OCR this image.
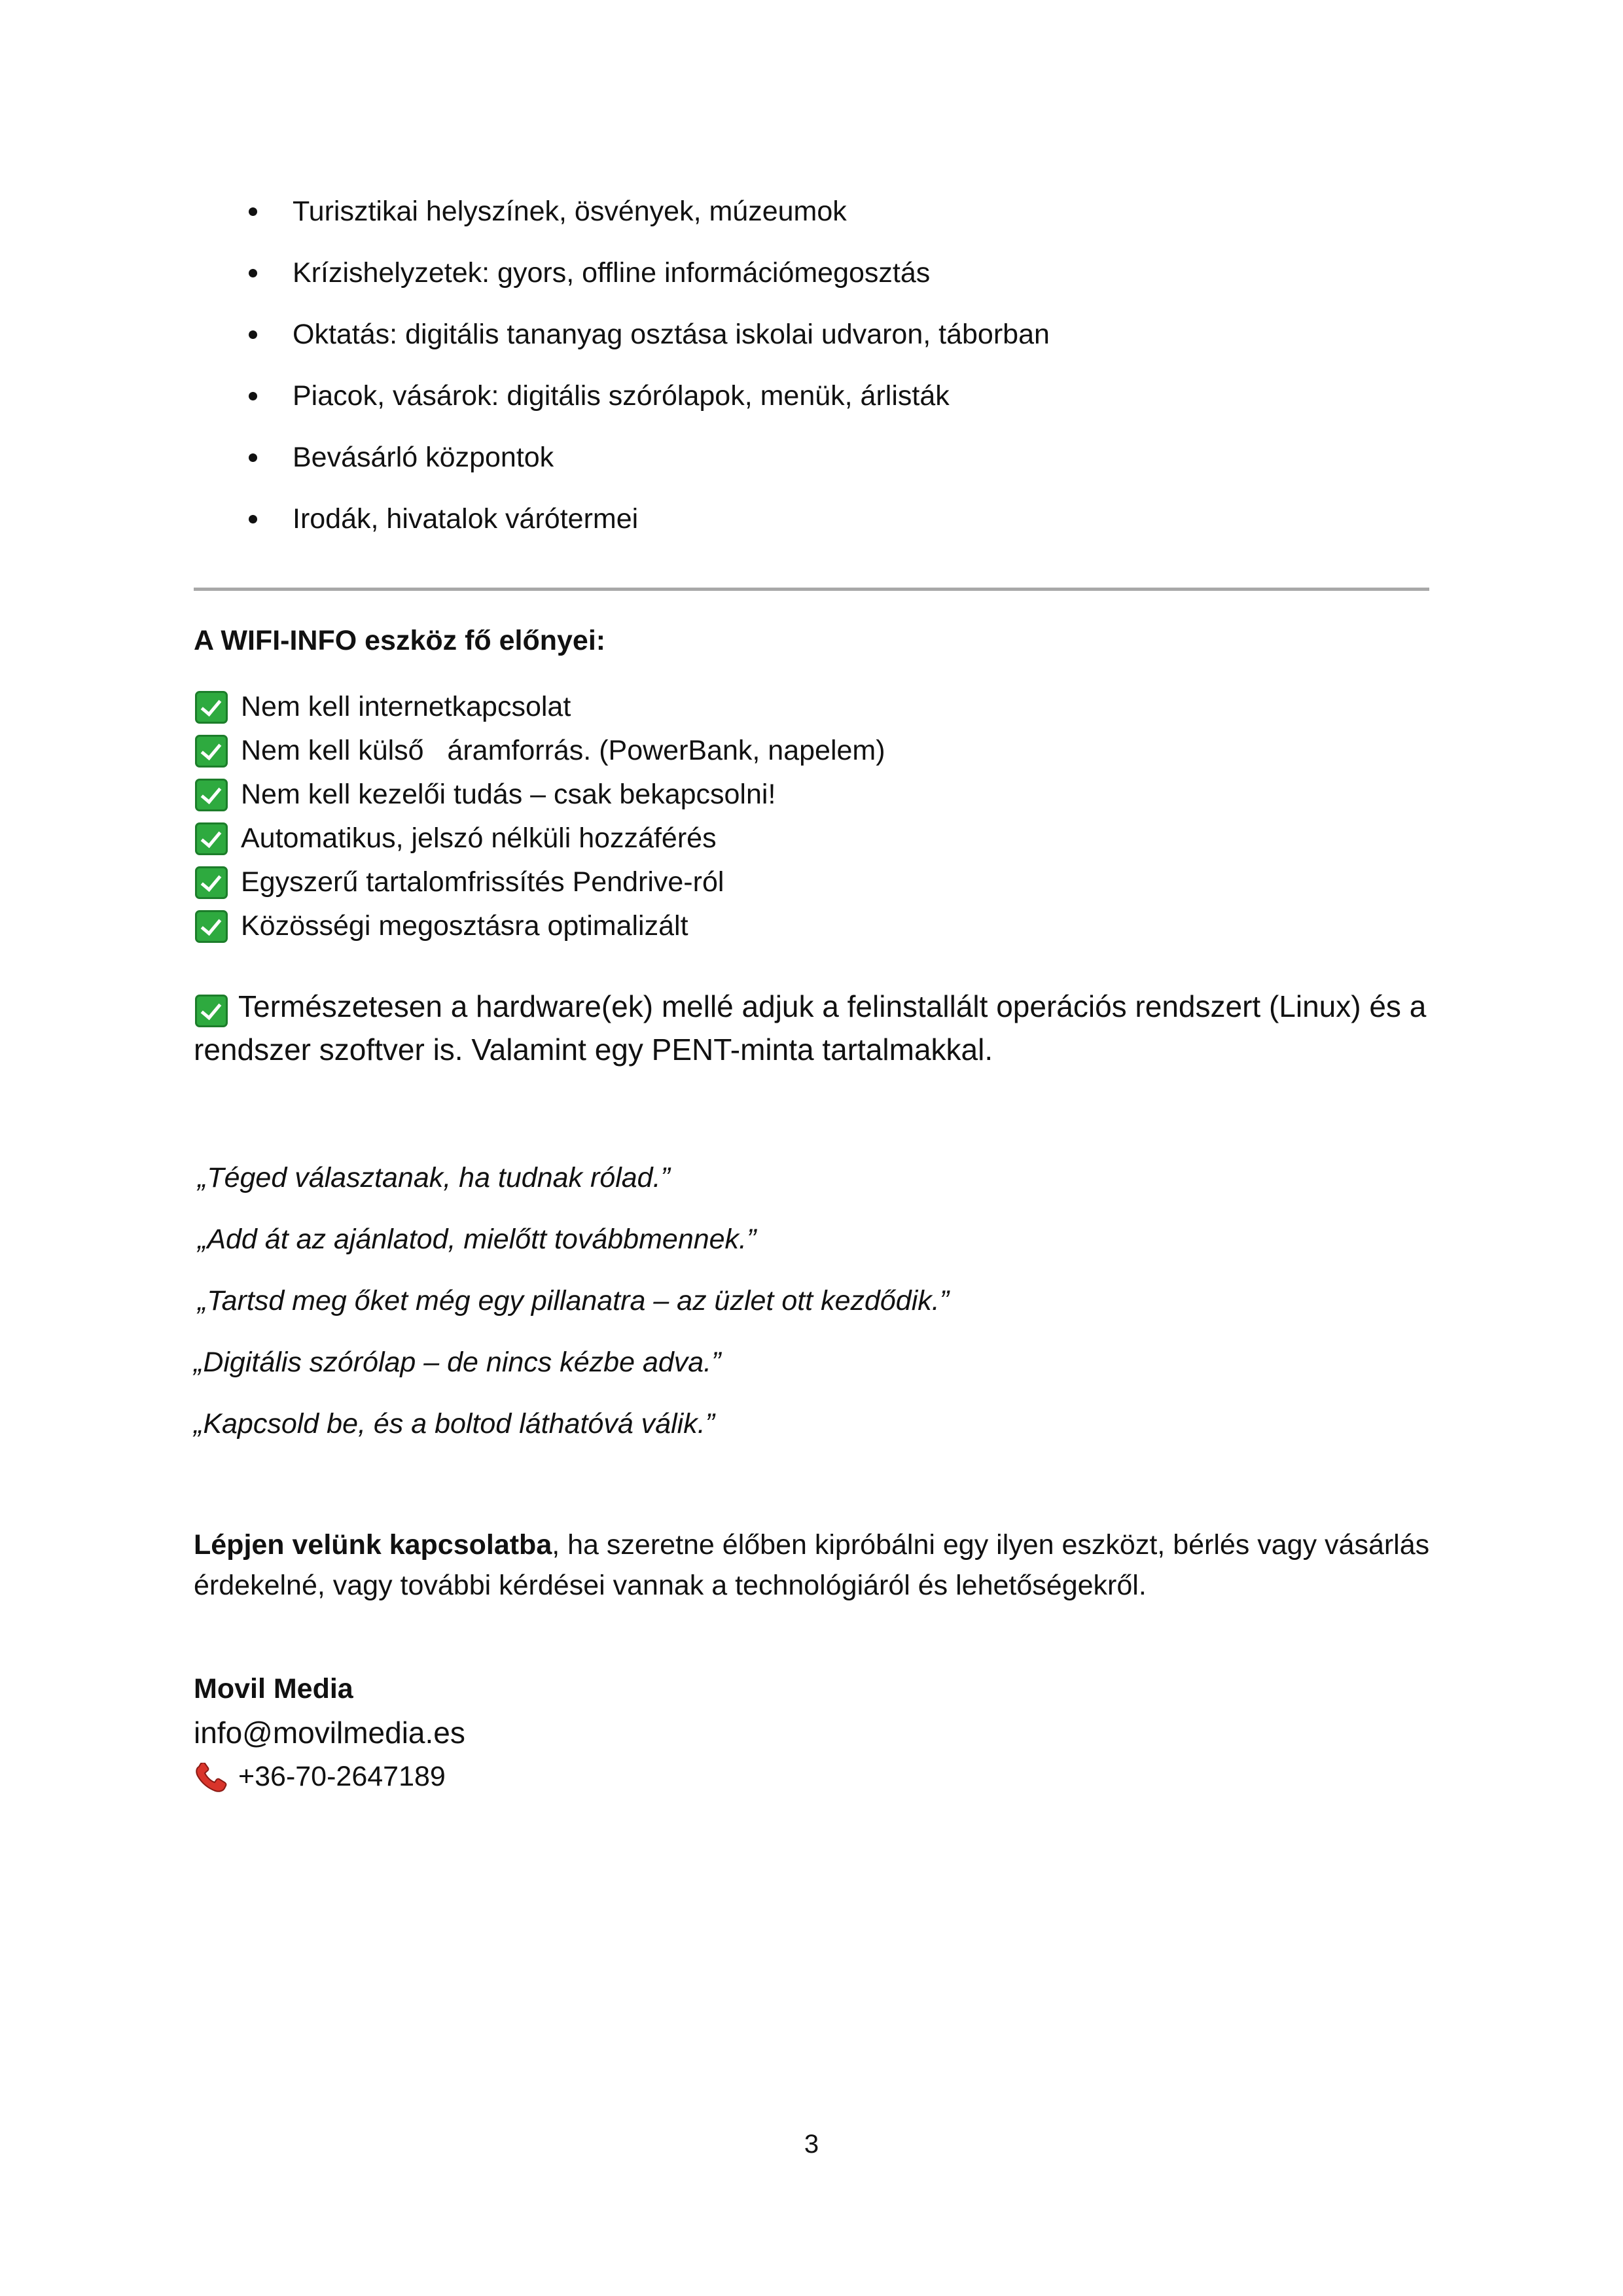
Turisztikai helyszínek, ösvények, múzeumok
Krízishelyzetek: gyors, offline információmegosztás
Oktatás: digitális tananyag osztása iskolai udvaron, táborban
Piacok, vásárok: digitális szórólapok, menük, árlisták
Bevásárló központok
Irodák, hivatalok várótermei
A WIFI-INFO eszköz fő előnyei:
Nem kell internetkapcsolat
Nem kell külső   áramforrás. (PowerBank, napelem)
Nem kell kezelői tudás – csak bekapcsolni!
Automatikus, jelszó nélküli hozzáférés
Egyszerű tartalomfrissítés Pendrive-ról
Közösségi megosztásra optimalizált
Természetesen a hardware(ek) mellé adjuk a felinstallált operációs rendszert (Linux) és a rendszer szoftver is. Valamint egy PENT-minta tartalmakkal.
„Téged választanak, ha tudnak rólad.”
„Add át az ajánlatod, mielőtt továbbmennek.”
„Tartsd meg őket még egy pillanatra – az üzlet ott kezdődik.”
„Digitális szórólap – de nincs kézbe adva.”
„Kapcsold be, és a boltod láthatóvá válik.”
Lépjen velünk kapcsolatba, ha szeretne élőben kipróbálni egy ilyen eszközt, bérlés vagy vásárlás érdekelné, vagy további kérdései vannak a technológiáról és lehetőségekről.
Movil Media
info@movilmedia.es
+36-70-2647189
3
